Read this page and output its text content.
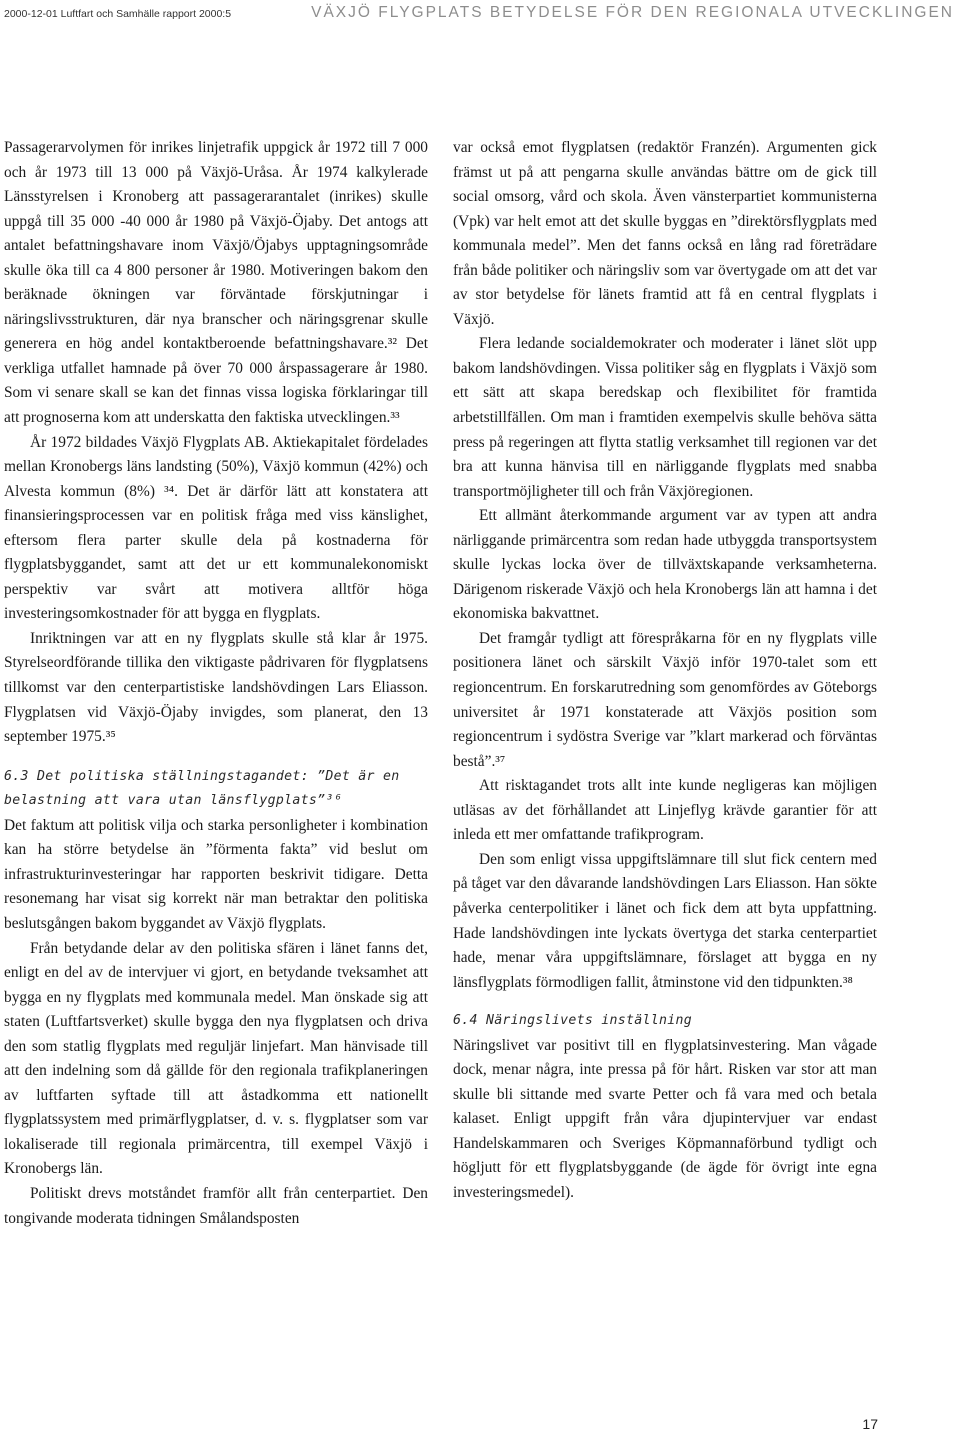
2000-12-01 Luftfart och Samhälle rapport 2000:5	VÄXJÖ FLYGPLATS BETYDELSE FÖR DEN REGIONALA UTVECKLINGEN

Passagerarvolymen för inrikes linjetrafik uppgick år 1972 till 7 000 och år 1973 till 13 000 på Växjö-Uråsa. År 1974 kalkylerade Länsstyrelsen i Kronoberg att passagerarantalet (inrikes) skulle uppgå till 35 000 -40 000 år 1980 på Växjö-Öjaby. Det antogs att antalet befattningshavare inom Växjö/Öjabys upptagningsområde skulle öka till ca 4 800 personer år 1980. Motiveringen bakom den beräknade ökningen var förväntade förskjutningar i näringslivsstrukturen, där nya branscher och näringsgrenar skulle generera en hög andel kontaktberoende befattningshavare.³² Det verkliga utfallet hamnade på över 70 000 årspassagerare år 1980. Som vi senare skall se kan det finnas vissa logiska förklaringar till att prognoserna kom att underskatta den faktiska utvecklingen.³³

År 1972 bildades Växjö Flygplats AB. Aktiekapitalet fördelades mellan Kronobergs läns landsting (50%), Växjö kommun (42%) och Alvesta kommun (8%) ³⁴. Det är därför lätt att konstatera att finansieringsprocessen var en politisk fråga med viss känslighet, eftersom flera parter skulle dela på kostnaderna för flygplatsbyggandet, samt att det ur ett kommunalekonomiskt perspektiv var svårt att motivera alltför höga investeringsomkostnader för att bygga en flygplats.

Inriktningen var att en ny flygplats skulle stå klar år 1975. Styrelseordförande tillika den viktigaste pådrivaren för flygplatsens tillkomst var den centerpartistiske landshövdingen Lars Eliasson. Flygplatsen vid Växjö-Öjaby invigdes, som planerat, den 13 september 1975.³⁵

6.3 Det politiska ställningstagandet: ”Det är en belastning att vara utan länsflygplats”³⁶

Det faktum att politisk vilja och starka personligheter i kombination kan ha större betydelse än ”förmenta fakta” vid beslut om infrastrukturinvesteringar har rapporten beskrivit tidigare. Detta resonemang har visat sig korrekt när man betraktar den politiska beslutsgången bakom byggandet av Växjö flygplats.

Från betydande delar av den politiska sfären i länet fanns det, enligt en del av de intervjuer vi gjort, en betydande tveksamhet att bygga en ny flygplats med kommunala medel. Man önskade sig att staten (Luftfartsverket) skulle bygga den nya flygplatsen och driva den som statlig flygplats med reguljär linjefart. Man hänvisade till att den indelning som då gällde för den regionala trafikplaneringen av luftfarten syftade till att åstadkomma ett nationellt flygplatssystem med primärflygplatser, d. v. s. flygplatser som var lokaliserade till regionala primärcentra, till exempel Växjö i Kronobergs län.

Politiskt drevs motståndet framför allt från centerpartiet. Den tongivande moderata tidningen Smålandsposten

var också emot flygplatsen (redaktör Franzén). Argumenten gick främst ut på att pengarna skulle användas bättre om de gick till social omsorg, vård och skola. Även vänsterpartiet kommunisterna (Vpk) var helt emot att det skulle byggas en ”direktörsflygplats med kommunala medel”. Men det fanns också en lång rad företrädare från både politiker och näringsliv som var övertygade om att det var av stor betydelse för länets framtid att få en central flygplats i Växjö.

Flera ledande socialdemokrater och moderater i länet slöt upp bakom landshövdingen. Vissa politiker såg en flygplats i Växjö som ett sätt att skapa beredskap och flexibilitet för framtida arbetstillfällen. Om man i framtiden exempelvis skulle behöva sätta press på regeringen att flytta statlig verksamhet till regionen var det bra att kunna hänvisa till en närliggande flygplats med snabba transportmöjligheter till och från Växjöregionen.

Ett allmänt återkommande argument var av typen att andra närliggande primärcentra som redan hade utbyggda transportsystem skulle lyckas locka över de tillväxtskapande verksamheterna. Därigenom riskerade Växjö och hela Kronobergs län att hamna i det ekonomiska bakvattnet.

Det framgår tydligt att förespråkarna för en ny flygplats ville positionera länet och särskilt Växjö inför 1970-talet som ett regioncentrum. En forskarutredning som genomfördes av Göteborgs universitet år 1971 konstaterade att Växjös position som regioncentrum i sydöstra Sverige var ”klart markerad och förväntas bestå”.³⁷

Att risktagandet trots allt inte kunde negligeras kan möjligen utläsas av det förhållandet att Linjeflyg krävde garantier för att inleda ett mer omfattande trafikprogram.

Den som enligt vissa uppgiftslämnare till slut fick centern med på tåget var den dåvarande landshövdingen Lars Eliasson. Han sökte påverka centerpolitiker i länet och fick dem att byta uppfattning. Hade landshövdingen inte lyckats övertyga det starka centerpartiet hade, menar våra uppgiftslämnare, förslaget att bygga en ny länsflygplats förmodligen fallit, åtminstone vid den tidpunkten.³⁸

6.4 Näringslivets inställning

Näringslivet var positivt till en flygplatsinvestering. Man vågade dock, menar några, inte pressa på för hårt. Risken var stor att man skulle bli sittande med svarte Petter och få vara med och betala kalaset. Enligt uppgift från våra djupintervjuer var endast Handelskammaren och Sveriges Köpmannaförbund tydligt och högljutt för ett flygplatsbyggande (de ägde för övrigt inte egna investeringsmedel).

17
